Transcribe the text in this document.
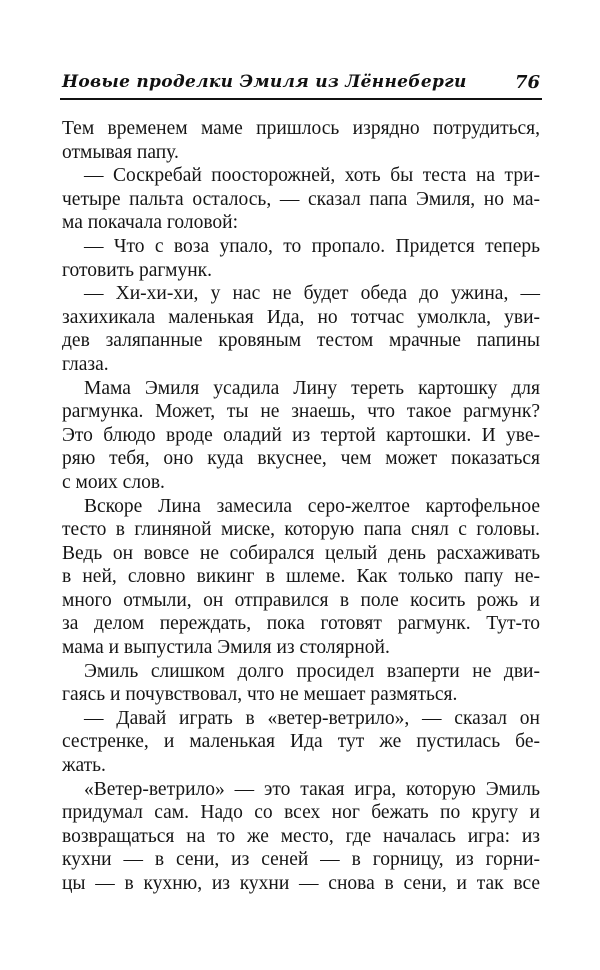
Новые проделки Эмиля из Лённеберги	76
Тем временем маме пришлось изрядно потрудиться,
отмывая папу.
— Соскребай поосторожней, хоть бы теста на три-
четыре пальта осталось, — сказал папа Эмиля, но ма-
ма покачала головой:
— Что с воза упало, то пропало. Придется теперь
готовить рагмунк.
— Хи-хи-хи, у нас не будет обеда до ужина, —
захихикала маленькая Ида, но тотчас умолкла, уви-
дев заляпанные кровяным тестом мрачные папины
глаза.
Мама Эмиля усадила Лину тереть картошку для
рагмунка. Может, ты не знаешь, что такое рагмунк?
Это блюдо вроде оладий из тертой картошки. И уве-
ряю тебя, оно куда вкуснее, чем может показаться
с моих слов.
Вскоре Лина замесила серо-желтое картофельное
тесто в глиняной миске, которую папа снял с головы.
Ведь он вовсе не собирался целый день расхаживать
в ней, словно викинг в шлеме. Как только папу не-
много отмыли, он отправился в поле косить рожь и
за делом переждать, пока готовят рагмунк. Тут-то
мама и выпустила Эмиля из столярной.
Эмиль слишком долго просидел взаперти не дви-
гаясь и почувствовал, что не мешает размяться.
— Давай играть в «ветер-ветрило», — сказал он
сестренке, и маленькая Ида тут же пустилась бе-
жать.
«Ветер-ветрило» — это такая игра, которую Эмиль
придумал сам. Надо со всех ног бежать по кругу и
возвращаться на то же место, где началась игра: из
кухни — в сени, из сеней — в горницу, из горни-
цы — в кухню, из кухни — снова в сени, и так все
